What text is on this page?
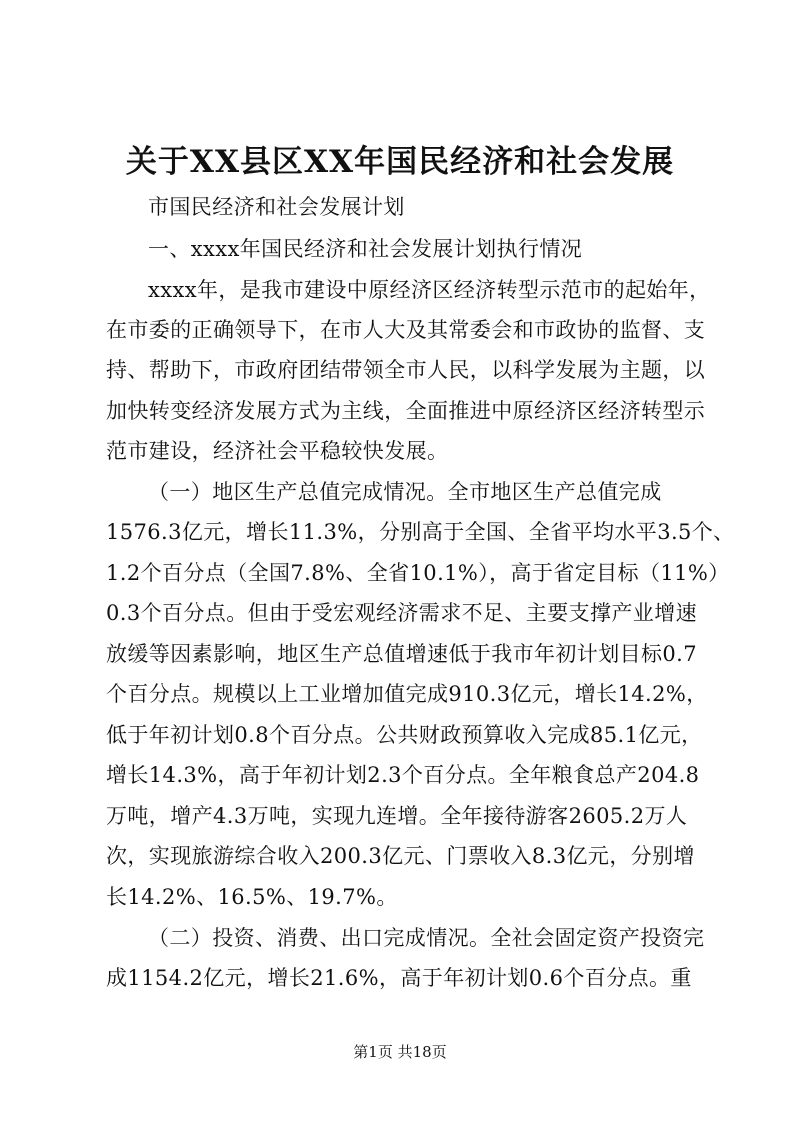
关于XX县区XX年国民经济和社会发展
市国民经济和社会发展计划
一、xxxx年国民经济和社会发展计划执行情况
xxxx年，是我市建设中原经济区经济转型示范市的起始年，
在市委的正确领导下，在市人大及其常委会和市政协的监督、支
持、帮助下，市政府团结带领全市人民，以科学发展为主题，以
加快转变经济发展方式为主线，全面推进中原经济区经济转型示
范市建设，经济社会平稳较快发展。
（一）地区生产总值完成情况。全市地区生产总值完成
1576.3亿元，增长11.3%，分别高于全国、全省平均水平3.5个、
1.2个百分点（全国7.8%、全省10.1%），高于省定目标（11%）
0.3个百分点。但由于受宏观经济需求不足、主要支撑产业增速
放缓等因素影响，地区生产总值增速低于我市年初计划目标0.7
个百分点。规模以上工业增加值完成910.3亿元，增长14.2%，
低于年初计划0.8个百分点。公共财政预算收入完成85.1亿元，
增长14.3%，高于年初计划2.3个百分点。全年粮食总产204.8
万吨，增产4.3万吨，实现九连增。全年接待游客2605.2万人
次，实现旅游综合收入200.3亿元、门票收入8.3亿元，分别增
长14.2%、16.5%、19.7%。
（二）投资、消费、出口完成情况。全社会固定资产投资完
成1154.2亿元，增长21.6%，高于年初计划0.6个百分点。重
第1页 共18页
